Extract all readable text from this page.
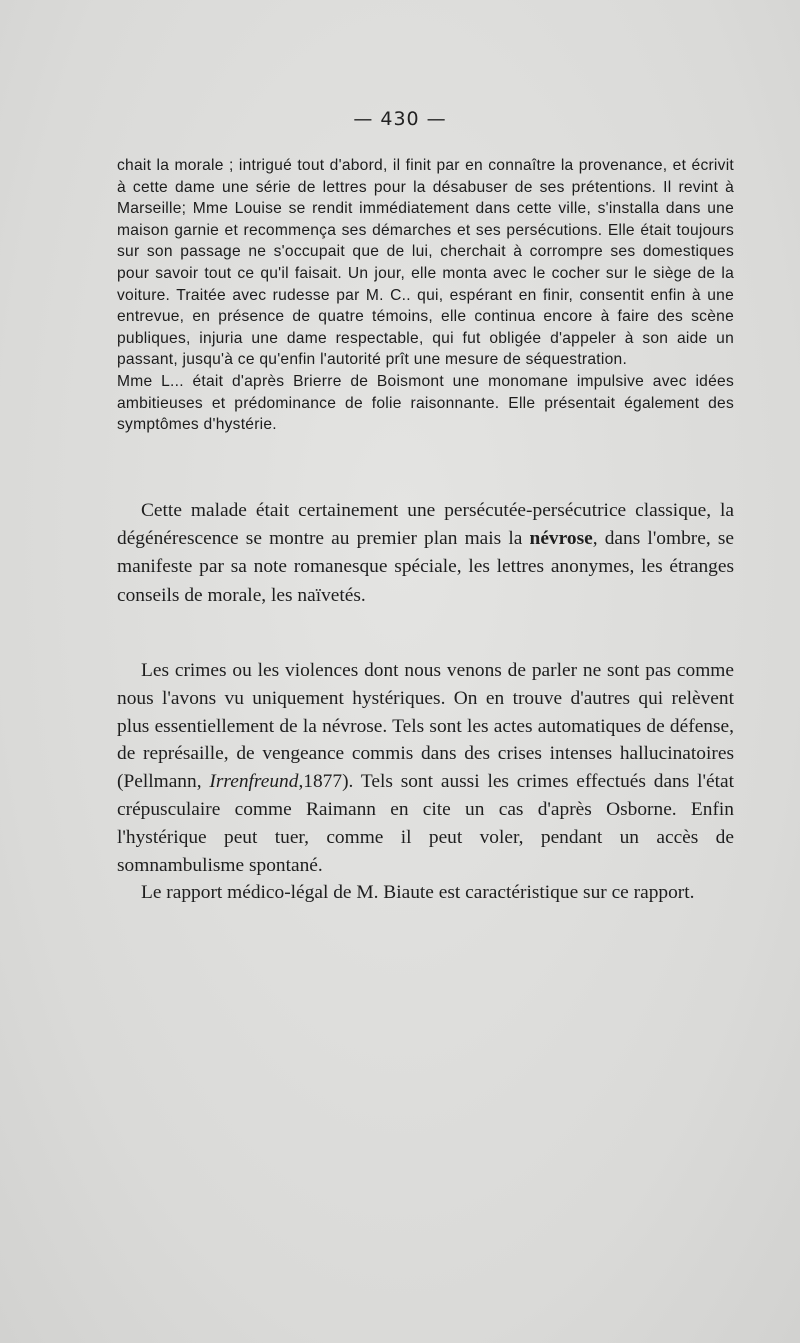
— 430 —

chait la morale ; intrigué tout d'abord, il finit par en connaître la provenance, et écrivit à cette dame une série de lettres pour la désabuser de ses prétentions. Il revint à Marseille; Mme Louise se rendit immédiatement dans cette ville, s'installa dans une maison garnie et recommença ses démarches et ses persécutions. Elle était toujours sur son passage ne s'occupait que de lui, cherchait à corrompre ses domestiques pour savoir tout ce qu'il faisait. Un jour, elle monta avec le cocher sur le siège de la voiture. Traitée avec rudesse par M. C.. qui, espérant en finir, consentit enfin à une entrevue, en présence de quatre témoins, elle continua encore à faire des scène publiques, injuria une dame respectable, qui fut obligée d'appeler à son aide un passant, jusqu'à ce qu'enfin l'autorité prît une mesure de séquestration.

Mme L... était d'après Brierre de Boismont une monomane impulsive avec idées ambitieuses et prédominance de folie raisonnante. Elle présentait également des symptômes d'hystérie.

Cette malade était certainement une persécutée-persécutrice classique, la dégénérescence se montre au premier plan mais la névrose, dans l'ombre, se manifeste par sa note romanesque spéciale, les lettres anonymes, les étranges conseils de morale, les naïvetés.

Les crimes ou les violences dont nous venons de parler ne sont pas comme nous l'avons vu uniquement hystériques. On en trouve d'autres qui relèvent plus essentiellement de la névrose. Tels sont les actes automatiques de défense, de représaille, de vengeance commis dans des crises intenses hallucinatoires (Pellmann, Irrenfreund,1877). Tels sont aussi les crimes effectués dans l'état crépusculaire comme Raimann en cite un cas d'après Osborne. Enfin l'hystérique peut tuer, comme il peut voler, pendant un accès de somnambulisme spontané.

Le rapport médico-légal de M. Biaute est caractéristique sur ce rapport.
